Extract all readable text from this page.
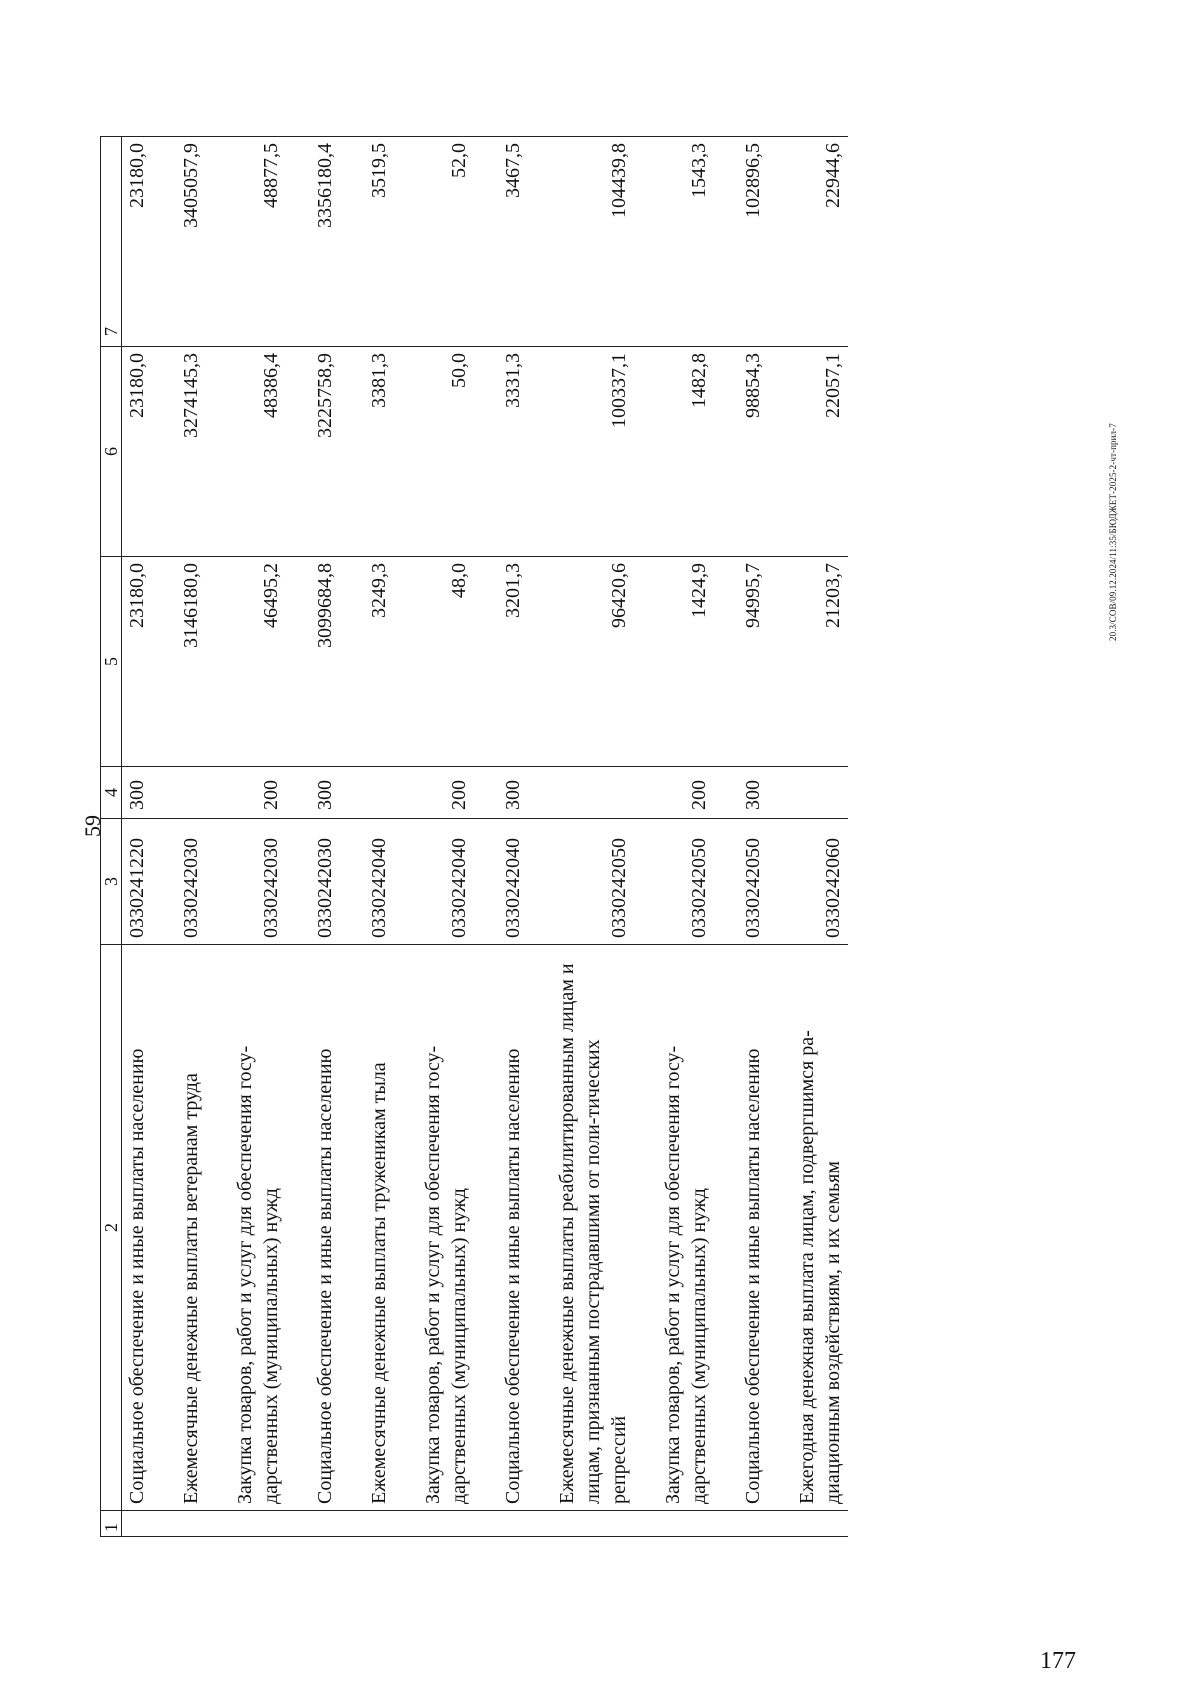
59
1	2	3	4	5	6	7
	Социальное обеспечение и иные выплаты населению	0330241220	300	23180,0	23180,0	23180,0
	Ежемесячные денежные выплаты ветеранам труда	0330242030		3146180,0	3274145,3	3405057,9
	Закупка товаров, работ и услуг для обеспечения госу-дарственных (муниципальных) нужд	0330242030	200	46495,2	48386,4	48877,5
	Социальное обеспечение и иные выплаты населению	0330242030	300	3099684,8	3225758,9	3356180,4
	Ежемесячные денежные выплаты труженикам тыла	0330242040		3249,3	3381,3	3519,5
	Закупка товаров, работ и услуг для обеспечения госу-дарственных (муниципальных) нужд	0330242040	200	48,0	50,0	52,0
	Социальное обеспечение и иные выплаты населению	0330242040	300	3201,3	3331,3	3467,5
	Ежемесячные денежные выплаты реабилитированным лицам и лицам, признанным пострадавшими от поли-тических репрессий	0330242050		96420,6	100337,1	104439,8
	Закупка товаров, работ и услуг для обеспечения госу-дарственных (муниципальных) нужд	0330242050	200	1424,9	1482,8	1543,3
	Социальное обеспечение и иные выплаты населению	0330242050	300	94995,7	98854,3	102896,5
	Ежегодная денежная выплата лицам, подвергшимся ра-диационным воздействиям, и их семьям	0330242060		21203,7	22057,1	22944,6
20.3/СОВ/09.12.2024/11:35/БЮДЖЕТ-2025-2-чт-прил-7
177
